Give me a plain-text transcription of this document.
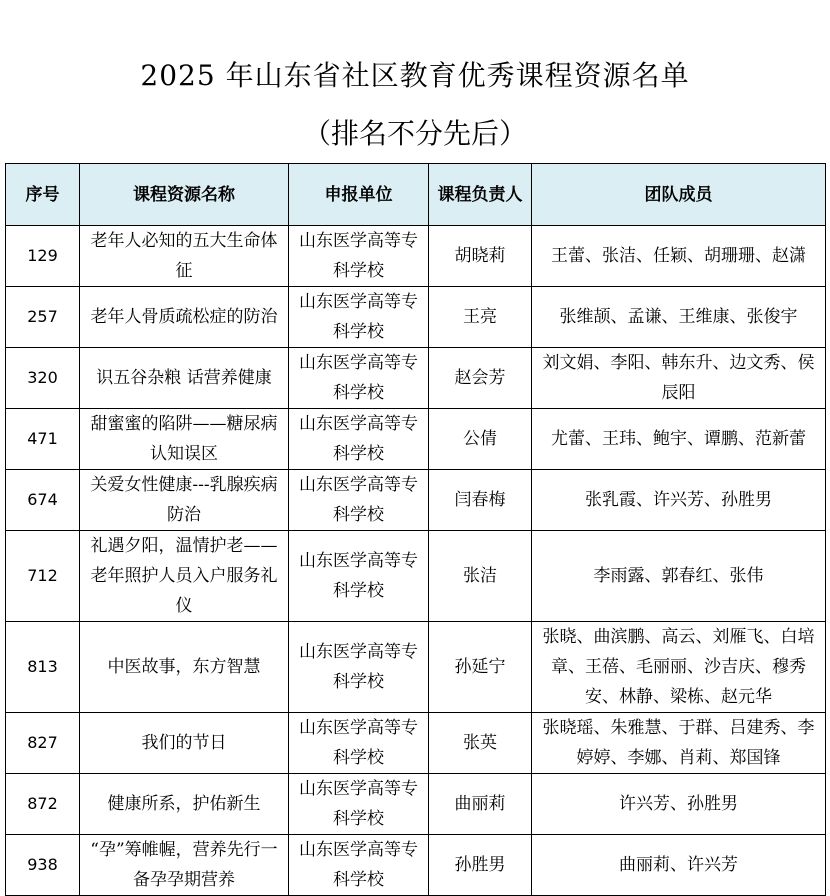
2025 年山东省社区教育优秀课程资源名单
（排名不分先后）
序号	课程资源名称	申报单位	课程负责人	团队成员
129	老年人必知的五大生命体征	山东医学高等专科学校	胡晓莉	王蕾、张洁、任颖、胡珊珊、赵潇
257	老年人骨质疏松症的防治	山东医学高等专科学校	王亮	张维颉、孟谦、王维康、张俊宇
320	识五谷杂粮 话营养健康	山东医学高等专科学校	赵会芳	刘文娟、李阳、韩东升、边文秀、侯辰阳
471	甜蜜蜜的陷阱——糖尿病认知误区	山东医学高等专科学校	公倩	尤蕾、王玮、鲍宇、谭鹏、范新蕾
674	关爱女性健康---乳腺疾病防治	山东医学高等专科学校	闫春梅	张乳霞、许兴芳、孙胜男
712	礼遇夕阳，温情护老——老年照护人员入户服务礼仪	山东医学高等专科学校	张洁	李雨露、郭春红、张伟
813	中医故事，东方智慧	山东医学高等专科学校	孙延宁	张晓、曲滨鹏、高云、刘雁飞、白培章、王蓓、毛丽丽、沙吉庆、穆秀安、林静、梁栋、赵元华
827	我们的节日	山东医学高等专科学校	张英	张晓瑶、朱雅慧、于群、吕建秀、李婷婷、李娜、肖莉、郑国锋
872	健康所系，护佑新生	山东医学高等专科学校	曲丽莉	许兴芳、孙胜男
938	“孕”筹帷幄，营养先行一备孕孕期营养	山东医学高等专科学校	孙胜男	曲丽莉、许兴芳
